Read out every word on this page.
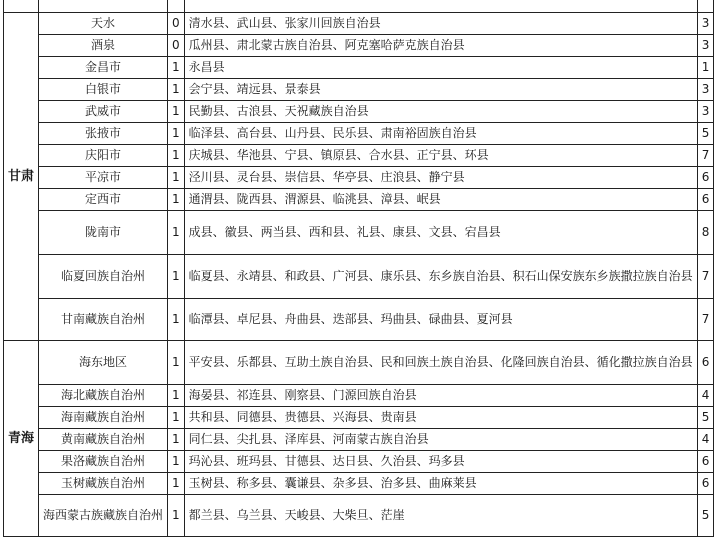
甘肃	天水	0	清水县、武山县、张家川回族自治县	3
	酒泉	0	瓜州县、肃北蒙古族自治县、阿克塞哈萨克族自治县	3
	金昌市	1	永昌县	1
	白银市	1	会宁县、靖远县、景泰县	3
	武威市	1	民勤县、古浪县、天祝藏族自治县	3
	张掖市	1	临泽县、高台县、山丹县、民乐县、肃南裕固族自治县	5
	庆阳市	1	庆城县、华池县、宁县、镇原县、合水县、正宁县、环县	7
	平凉市	1	泾川县、灵台县、崇信县、华亭县、庄浪县、静宁县	6
	定西市	1	通渭县、陇西县、渭源县、临洮县、漳县、岷县	6
	陇南市	1	成县、徽县、两当县、西和县、礼县、康县、文县、宕昌县	8
	临夏回族自治州	1	临夏县、永靖县、和政县、广河县、康乐县、东乡族自治县、积石山保安族东乡族撒拉族自治县	7
	甘南藏族自治州	1	临潭县、卓尼县、舟曲县、迭部县、玛曲县、碌曲县、夏河县	7
青海	海东地区	1	平安县、乐都县、互助土族自治县、民和回族土族自治县、化隆回族自治县、循化撒拉族自治县	6
	海北藏族自治州	1	海晏县、祁连县、刚察县、门源回族自治县	4
	海南藏族自治州	1	共和县、同德县、贵德县、兴海县、贵南县	5
	黄南藏族自治州	1	同仁县、尖扎县、泽库县、河南蒙古族自治县	4
	果洛藏族自治州	1	玛沁县、班玛县、甘德县、达日县、久治县、玛多县	6
	玉树藏族自治州	1	玉树县、称多县、囊谦县、杂多县、治多县、曲麻莱县	6
	海西蒙古族藏族自治州	1	都兰县、乌兰县、天峻县、大柴旦、茫崖	5
